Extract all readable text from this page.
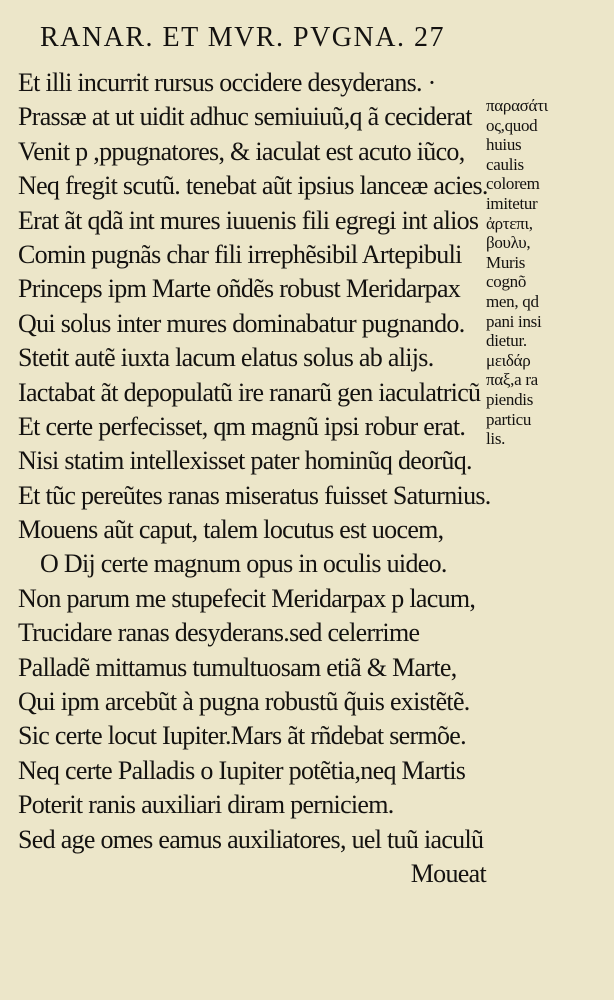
RANAR. ET MVR. PVGNA. 27
Et illi incurrit rursus occidere desyderans. ·
Prassæ at ut uidit adhuc semiuiuũ,q ã ceciderat
Venit p ,ppugnatores, & iaculat est acuto iũco,
Neq fregit scutũ. tenebat aũt ipsius lanceæ acies.
Erat ãt qdã int mures iuuenis fili egregi int alios
Comin pugnãs char fili irrephẽsibil Artepibuli
Princeps ipm Marte oñdẽs robust Meridarpax
Qui solus inter mures dominabatur pugnando.
Stetit autẽ iuxta lacum elatus solus ab alijs.
Iactabat ãt depopulatũ ire ranarũ gen iaculatricũ
Et certe perfecisset, qm magnũ ipsi robur erat.
Nisi statim intellexisset pater hominũq deorũq.
Et tũc pereũtes ranas miseratus fuisset Saturnius.
Mouens aũt caput, talem locutus est uocem,
O Dij certe magnum opus in oculis uideo.
Non parum me stupefecit Meridarpax p lacum,
Trucidare ranas desyderans.sed celerrime
Palladẽ mittamus tumultuosam etiã & Marte,
Qui ipm arcebũt à pugna robustũ q̃uis existẽtẽ.
Sic certe locut Iupiter.Mars ãt rñdebat sermõe.
Neq certe Palladis o Iupiter potẽtia,neq Martis
Poterit ranis auxiliari diram perniciem.
Sed age omes eamus auxiliatores, uel tuũ iaculũ
Moueat
παρασάτι
ος,quod
huius
caulis
colorem
imitetur
ἀρτεπι,
βουλυ,
Muris
cognõ
men, qd
pani insi
dietur.
μειδάρ
παξ,a ra
piendis
particu
lis.
